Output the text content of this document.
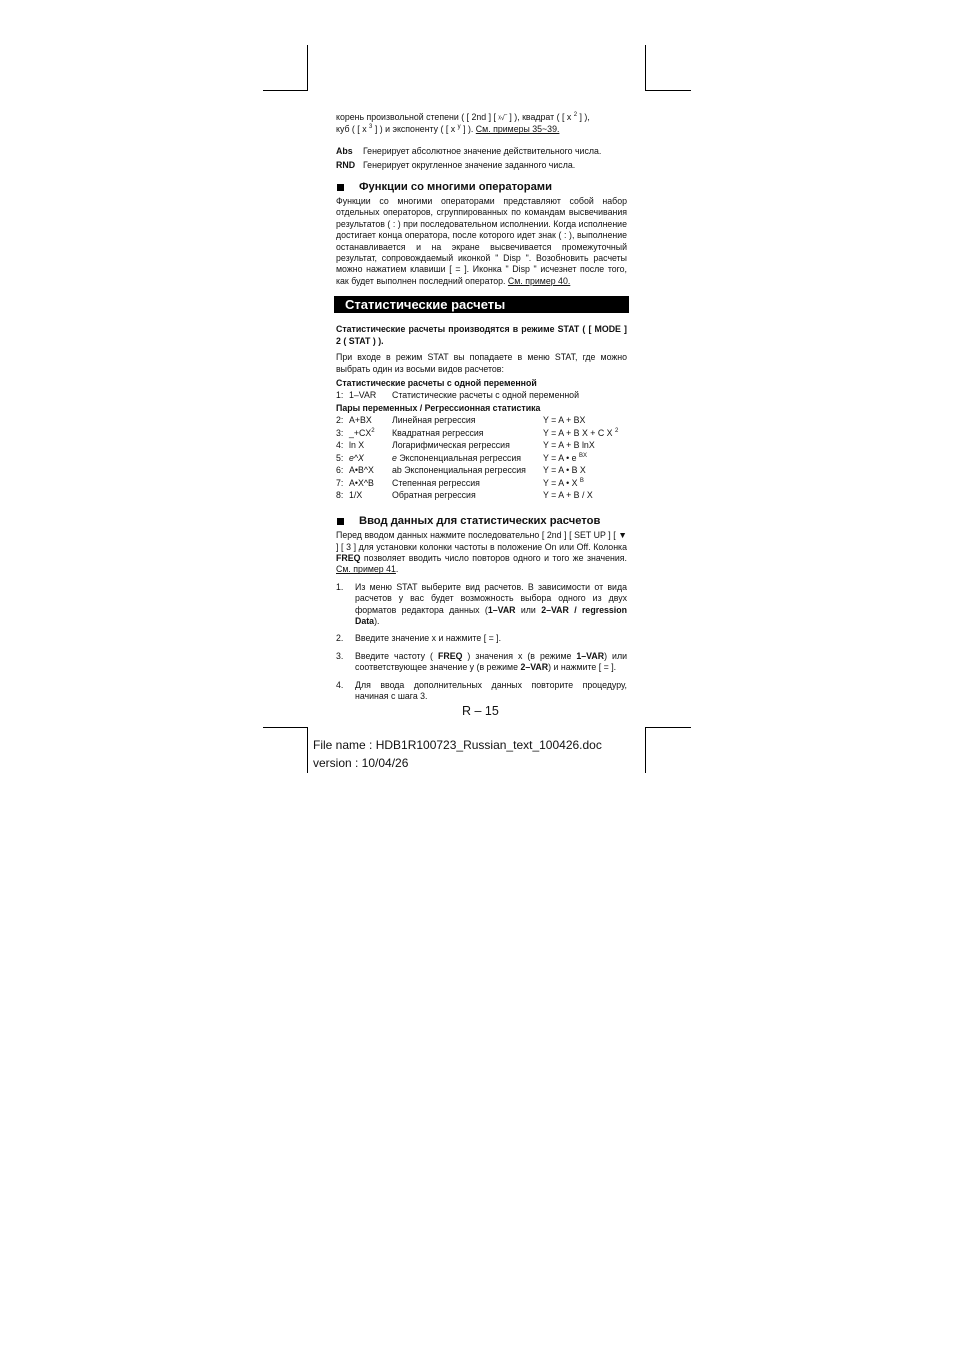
корень произвольной степени ( [ 2nd ] [ ᵡ√‾ ] ), квадрат ( [ x $^2$ ] ),
куб ( [ x $^3$ ] ) и экспоненту ( [ x $^y$ ] ). См. примеры 35~39.

Abs	Генерирует абсолютное значение действительного числа.
RND Генерирует округленное значение заданного числа.
Функции со многими операторами

Функции со многими операторами представляют собой набор отдельных операторов, сгруппированных по командам высвечивания результатов ( : ) при последовательном исполнении. Когда исполнение достигает конца оператора, после которого идет знак ( : ), выполнение останавливается и на экране высвечивается промежуточный результат, сопровождаемый иконкой " Disp ". Возобновить расчеты можно нажатием клавиши [ = ]. Иконка " Disp " исчезнет после того, как будет выполнен последний оператор. См. пример 40.

Статистические расчеты

Статистические расчеты производятся в режиме STAT ( [ MODE ] 2 ( STAT ) ).

При входе в режим STAT вы попадаете в меню STAT, где можно выбрать один из восьми видов расчетов:

Статистические расчеты с одной переменной

1:	1–VAR	Статистические расчеты с одной переменной

Пары переменных / Регрессионная статистика

2:	A+BX	Линейная регрессия	Y = A + BX
3:	$\_+CX^2$	Квадратная регрессия	Y = A + B X + C X $^2$
4:	ln X	Логарифмическая регрессия	Y = A + B lnX
5:	e^X	e Экспоненциальная регрессия	Y = A • e $^{BX}$
6:	A•B^X	ab Экспоненциальная регрессия	Y = A • B X
7:	A•X^B	Степенная регрессия	Y = A • X $^B$
8:	1/X	Обратная регрессия	Y = A + B / X
Ввод данных для статистических расчетов

Перед вводом данных нажмите последовательно [ 2nd ] [ SET UP ] [ ▼ ] [ 3 ] для установки колонки частоты в положение On или Off. Колонка FREQ позволяет вводить число повторов одного и того же значения. См. пример 41.

1.	Из меню STAT выберите вид расчетов. В зависимости от вида расчетов у вас будет возможность выбора одного из двух форматов редактора данных (1–VAR или 2–VAR / regression Data).
2.	Введите значение x и нажмите [ = ].
3.	Введите частоту ( FREQ ) значения x (в режиме 1–VAR) или соответствующее значение y (в режиме 2–VAR) и нажмите [ = ].
4.	Для ввода дополнительных данных повторите процедуру, начиная с шага 3.
R – 15
File name : HDB1R100723_Russian_text_100426.doc
version : 10/04/26
